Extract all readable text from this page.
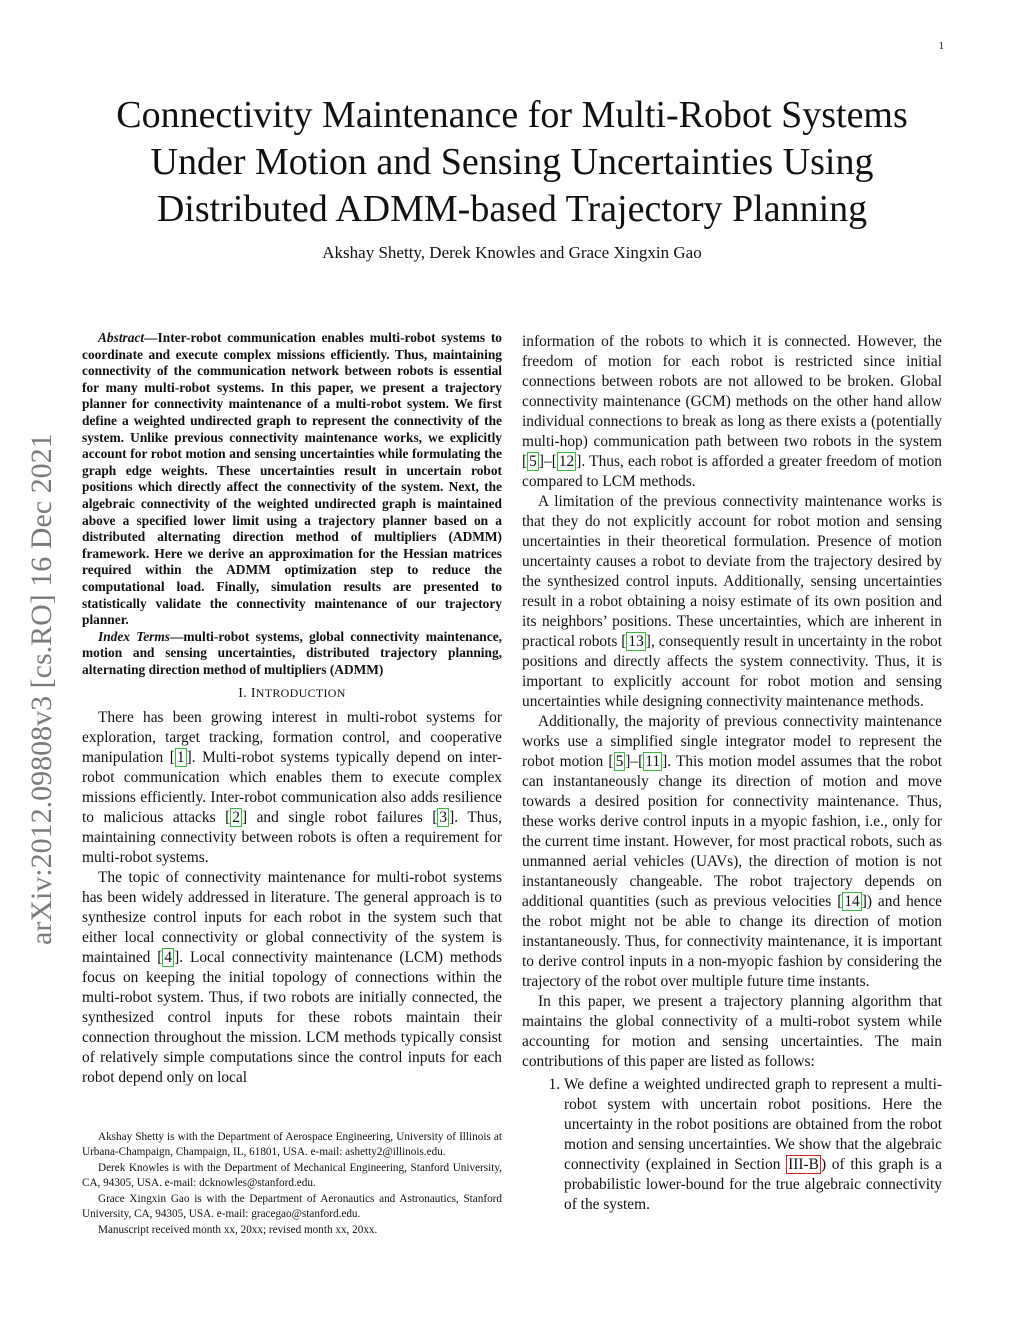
1
arXiv:2012.09808v3 [cs.RO] 16 Dec 2021
Connectivity Maintenance for Multi-Robot Systems Under Motion and Sensing Uncertainties Using Distributed ADMM-based Trajectory Planning
Akshay Shetty, Derek Knowles and Grace Xingxin Gao

Abstract—Inter-robot communication enables multi-robot systems to coordinate and execute complex missions efficiently. Thus, maintaining connectivity of the communication network between robots is essential for many multi-robot systems. In this paper, we present a trajectory planner for connectivity maintenance of a multi-robot system. We first define a weighted undirected graph to represent the connectivity of the system. Unlike previous connectivity maintenance works, we explicitly account for robot motion and sensing uncertainties while formulating the graph edge weights. These uncertainties result in uncertain robot positions which directly affect the connectivity of the system. Next, the algebraic connectivity of the weighted undirected graph is maintained above a specified lower limit using a trajectory planner based on a distributed alternating direction method of multipliers (ADMM) framework. Here we derive an approximation for the Hessian matrices required within the ADMM optimization step to reduce the computational load. Finally, simulation results are presented to statistically validate the connectivity maintenance of our trajectory planner.

Index Terms—multi-robot systems, global connectivity maintenance, motion and sensing uncertainties, distributed trajectory planning, alternating direction method of multipliers (ADMM)

I. INTRODUCTION

There has been growing interest in multi-robot systems for exploration, target tracking, formation control, and cooperative manipulation [ 1 ]. Multi-robot systems typically depend on inter-robot communication which enables them to execute complex missions efficiently. Inter-robot communication also adds resilience to malicious attacks [ 2 ] and single robot failures [ 3 ]. Thus, maintaining connectivity between robots is often a requirement for multi-robot systems.

The topic of connectivity maintenance for multi-robot systems has been widely addressed in literature. The general approach is to synthesize control inputs for each robot in the system such that either local connectivity or global connectivity of the system is maintained [ 4 ]. Local connectivity maintenance (LCM) methods focus on keeping the initial topology of connections within the multi-robot system. Thus, if two robots are initially connected, the synthesized control inputs for these robots maintain their connection throughout the mission. LCM methods typically consist of relatively simple computations since the control inputs for each robot depend only on local

Akshay Shetty is with the Department of Aerospace Engineering, University of Illinois at Urbana-Champaign, Champaign, IL, 61801, USA. e-mail: ashetty2@illinois.edu.

Derek Knowles is with the Department of Mechanical Engineering, Stanford University, CA, 94305, USA. e-mail: dcknowles@stanford.edu.

Grace Xingxin Gao is with the Department of Aeronautics and Astronautics, Stanford University, CA, 94305, USA. e-mail: gracegao@stanford.edu.

Manuscript received month xx, 20xx; revised month xx, 20xx.

information of the robots to which it is connected. However, the freedom of motion for each robot is restricted since initial connections between robots are not allowed to be broken. Global connectivity maintenance (GCM) methods on the other hand allow individual connections to break as long as there exists a (potentially multi-hop) communication path between two robots in the system [ 5 ]–[ 12 ]. Thus, each robot is afforded a greater freedom of motion compared to LCM methods.

A limitation of the previous connectivity maintenance works is that they do not explicitly account for robot motion and sensing uncertainties in their theoretical formulation. Presence of motion uncertainty causes a robot to deviate from the trajectory desired by the synthesized control inputs. Additionally, sensing uncertainties result in a robot obtaining a noisy estimate of its own position and its neighbors’ positions. These uncertainties, which are inherent in practical robots [ 13 ], consequently result in uncertainty in the robot positions and directly affects the system connectivity. Thus, it is important to explicitly account for robot motion and sensing uncertainties while designing connectivity maintenance methods.

Additionally, the majority of previous connectivity maintenance works use a simplified single integrator model to represent the robot motion [ 5 ]–[ 11 ]. This motion model assumes that the robot can instantaneously change its direction of motion and move towards a desired position for connectivity maintenance. Thus, these works derive control inputs in a myopic fashion, i.e., only for the current time instant. However, for most practical robots, such as unmanned aerial vehicles (UAVs), the direction of motion is not instantaneously changeable. The robot trajectory depends on additional quantities (such as previous velocities [ 14 ]) and hence the robot might not be able to change its direction of motion instantaneously. Thus, for connectivity maintenance, it is important to derive control inputs in a non-myopic fashion by considering the trajectory of the robot over multiple future time instants.

In this paper, we present a trajectory planning algorithm that maintains the global connectivity of a multi-robot system while accounting for motion and sensing uncertainties. The main contributions of this paper are listed as follows:

1. We define a weighted undirected graph to represent a multi-robot system with uncertain robot positions. Here the uncertainty in the robot positions are obtained from the robot motion and sensing uncertainties. We show that the algebraic connectivity (explained in Section III-B ) of this graph is a probabilistic lower-bound for the true algebraic connectivity of the system.
